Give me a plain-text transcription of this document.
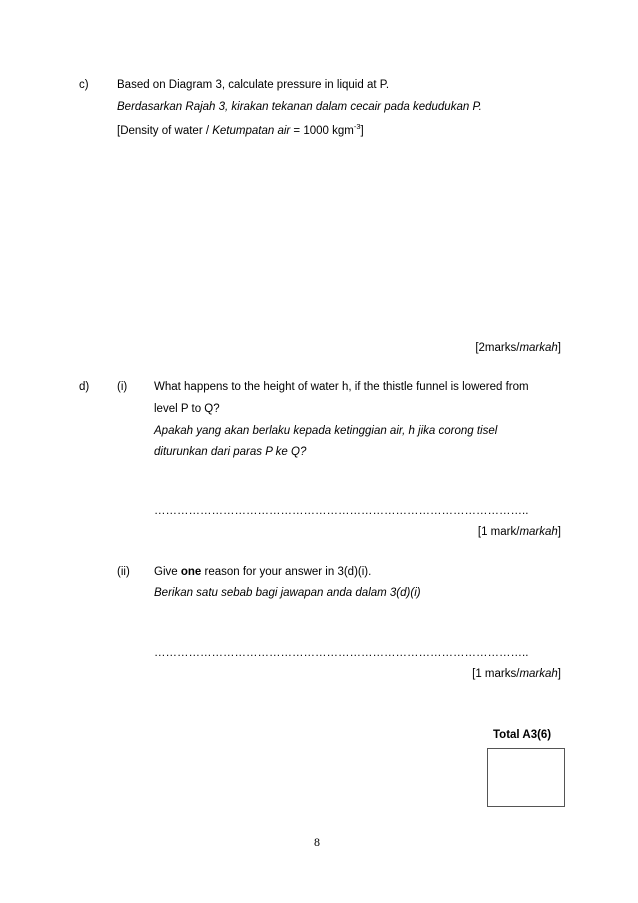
c) Based on Diagram 3, calculate pressure in liquid at P.
Berdasarkan Rajah 3, kirakan tekanan dalam cecair pada kedudukan P.
[Density of water / Ketumpatan air = 1000 kgm$^{-3}$]
[2marks/markah]
d) (i) What happens to the height of water h, if the thistle funnel is lowered from
level P to Q?
Apakah yang akan berlaku kepada ketinggian air, h jika corong tisel
diturunkan dari paras P ke Q?
……………………………………………………………………………………..
[1 mark/markah]
(ii) Give one reason for your answer in 3(d)(i).
Berikan satu sebab bagi jawapan anda dalam 3(d)(i)
……………………………………………………………………………………..
[1 marks/markah]
Total A3(6)
8
